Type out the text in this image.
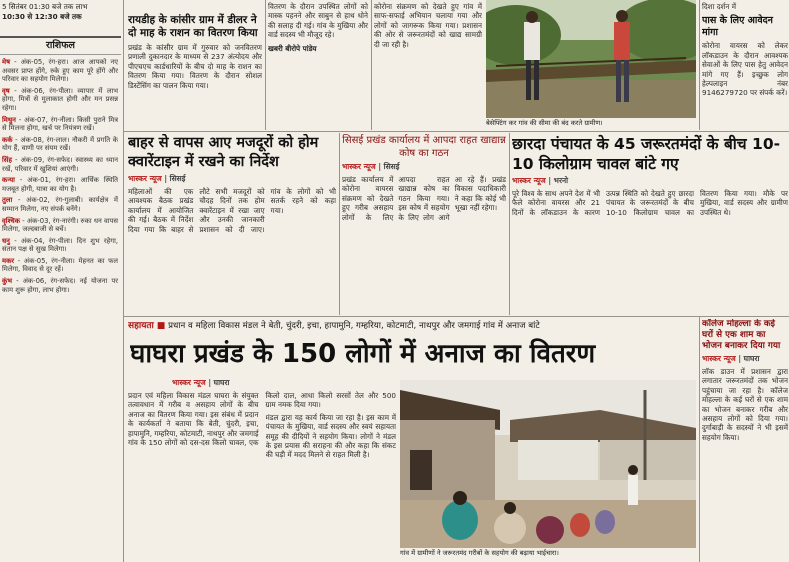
5 सितंबर 01:30 बजे तक लाभ
10:30 से 12:30 बजे तक
राशिफल
मेष - अंक-05, रंग-हरा। आज आपको नए अवसर प्राप्त होंगे, रुके हुए काम पूरे होंगे और परिवार का सहयोग मिलेगा।
वृष - अंक-06, रंग-पीला। व्यापार में लाभ होगा, मित्रों से मुलाकात होगी और मन प्रसन्न रहेगा।
मिथुन - अंक-07, रंग-नीला। किसी पुराने मित्र से मिलना होगा, खर्च पर नियंत्रण रखें।
कर्क - अंक-08, रंग-लाल। नौकरी में प्रगति के योग हैं, वाणी पर संयम रखें।
सिंह - अंक-09, रंग-सफेद। स्वास्थ्य का ध्यान रखें, परिवार में खुशियां आएंगी।
कन्या - अंक-01, रंग-हरा। आर्थिक स्थिति मजबूत होगी, यात्रा का योग है।
तुला - अंक-02, रंग-गुलाबी। कार्यक्षेत्र में सम्मान मिलेगा, नए संपर्क बनेंगे।
वृश्चिक - अंक-03, रंग-नारंगी। रुका धन वापस मिलेगा, जल्दबाजी से बचें।
धनु - अंक-04, रंग-पीला। दिन शुभ रहेगा, संतान पक्ष से सुख मिलेगा।
मकर - अंक-05, रंग-नीला। मेहनत का फल मिलेगा, विवाद से दूर रहें।
कुंभ - अंक-06, रंग-सफेद। नई योजना पर काम शुरू होगा, लाभ होगा।
रायडीह के कांसीर ग्राम में डीलर ने दो माह के राशन का वितरण किया
प्रखंड के कांसीर ग्राम में गुरुवार को जनवितरण प्रणाली दुकानदार के माध्यम से 237 अंत्योदय और पीएचएच कार्डधारियों के बीच दो माह के राशन का वितरण किया गया। वितरण के दौरान सोशल डिस्टेंसिंग का पालन किया गया।
वितरण के दौरान उपस्थित लोगों को मास्क पहनने और साबुन से हाथ धोने की सलाह दी गई। गांव के मुखिया और वार्ड सदस्य भी मौजूद रहे।
खबरी बीरोपे पांडेय
कोरोना संक्रमण को देखते हुए गांव में साफ-सफाई अभियान चलाया गया और लोगों को जागरूक किया गया। प्रशासन की ओर से जरूरतमंदों को खाद्य सामग्री दी जा रही है।
बेसेफ्टिंग कर गांव की सीमा की बंद करते ग्रामीण।
दिशा दर्शन में
पास के लिए आवेदन मांगा
कोरोना वायरस को लेकर लॉकडाउन के दौरान आवश्यक सेवाओं के लिए पास हेतु आवेदन मांगे गए हैं। इच्छुक लोग हेल्पलाइन नंबर 9146279720 पर संपर्क करें।
बाहर से वापस आए मजदूरों को होम क्वारेंटाइन में रखने का निर्देश
भास्कर न्यूज | सिसई
महिलाओं की एक आवश्यक बैठक प्रखंड कार्यालय में आयोजित की गई। बैठक में निर्देश दिया गया कि बाहर से लौटे सभी मजदूरों को चौदह दिनों तक होम क्वारेंटाइन में रखा जाए और उनकी जानकारी प्रशासन को दी जाए। गांव के लोगों को भी सतर्क रहने को कहा गया।
सिसई प्रखंड कार्यालय में आपदा राहत खाद्यान्न कोष का गठन
भास्कर न्यूज | सिसई
प्रखंड कार्यालय में कोरोना वायरस संक्रमण को देखते हुए गरीब असहाय लोगों के लिए आपदा राहत खाद्यान्न कोष का गठन किया गया। इस कोष में सहयोग के लिए लोग आगे आ रहे हैं। प्रखंड विकास पदाधिकारी ने कहा कि कोई भी भूखा नहीं रहेगा।
छारदा पंचायत के 45 जरूरतमंदों के बीच 10-10 किलोग्राम चावल बांटे गए
भास्कर न्यूज | भरनो
पूरे विश्व के साथ अपने देश में भी फैले कोरोना वायरस और 21 दिनों के लॉकडाउन के कारण उत्पन्न स्थिति को देखते हुए छारदा पंचायत के जरूरतमंदों के बीच 10-10 किलोग्राम चावल का वितरण किया गया। मौके पर मुखिया, वार्ड सदस्य और ग्रामीण उपस्थित थे।
सहायता ■ प्रधान व महिला विकास मंडल ने बेती, चुंदरी, इचा, हापामुनि, गम्हरिया, कोटमाटी, नाथपुर और जमगाई गांव में अनाज बांटे
घाघरा प्रखंड के 150 लोगों में अनाज का वितरण
भास्कर न्यूज | घाघरा
प्रदान एवं महिला विकास मंडल घाघरा के संयुक्त तत्वावधान में गरीब व असहाय लोगों के बीच अनाज का वितरण किया गया। इस संबंध में प्रदान के कार्यकर्ता ने बताया कि बेती, चुंदरी, इचा, हापामुनि, गम्हरिया, कोटमाटी, नाथपुर और जमगाई गांव के 150 लोगों को दस-दस किलो चावल, एक किलो दाल, आधा किलो सरसों तेल और 500 ग्राम नमक दिया गया।
मंडल द्वारा यह कार्य किया जा रहा है। इस काम में पंचायत के मुखिया, वार्ड सदस्य और स्वयं सहायता समूह की दीदियों ने सहयोग किया। लोगों ने मंडल के इस प्रयास की सराहना की और कहा कि संकट की घड़ी में मदद मिलने से राहत मिली है।
गांव में ग्रामीणों ने जरूरतमंद गरीबों के सहयोग की बढ़ाया भाईचारा।
कॉलेज मोहल्ला के कई घरों से एक शाम का भोजन बनाकर दिया गया
भास्कर न्यूज | घाघरा
लॉक डाउन में प्रशासन द्वारा लगातार जरूरतमंदों तक भोजन पहुंचाया जा रहा है। कॉलेज मोहल्ला के कई घरों से एक शाम का भोजन बनाकर गरीब और असहाय लोगों को दिया गया। दुर्गाबाड़ी के सदस्यों ने भी इसमें सहयोग किया।
